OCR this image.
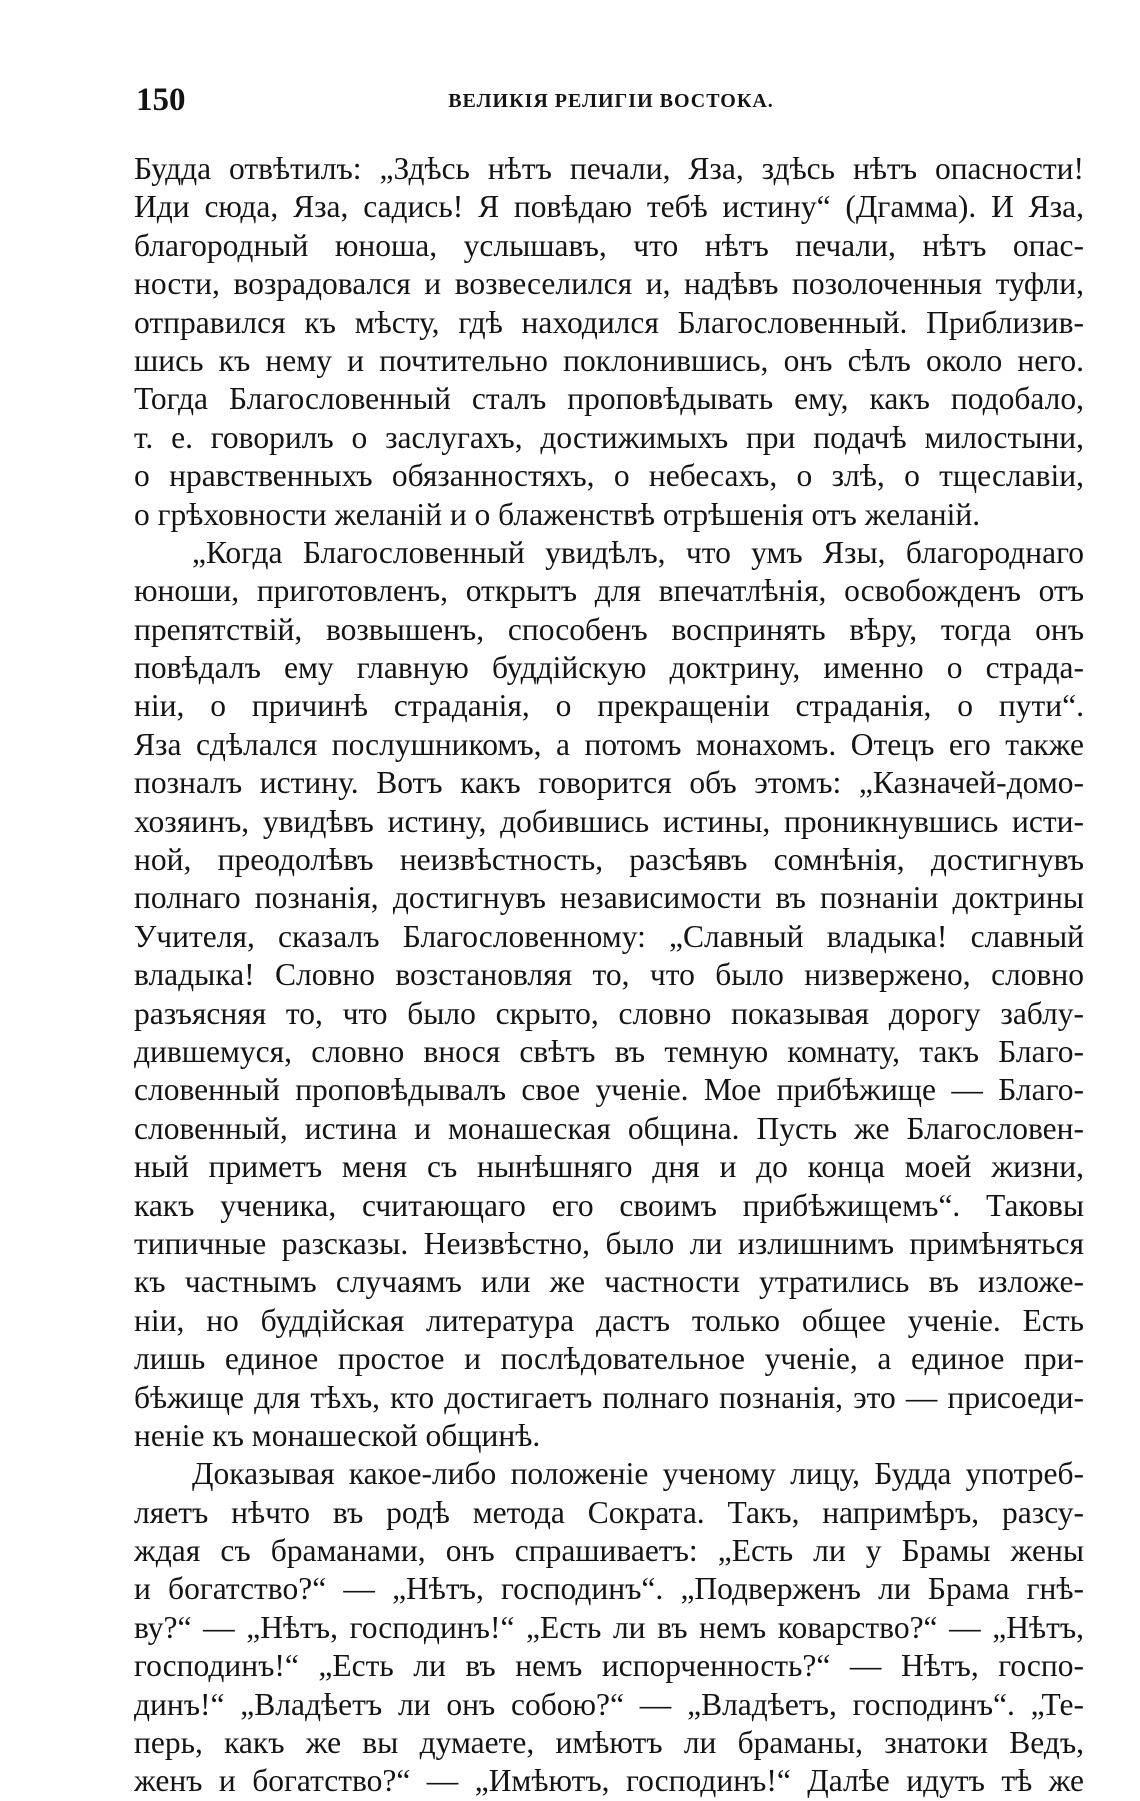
150	ВЕЛИКІЯ РЕЛИГІИ ВОСТОКА.
Будда отвѣтилъ: „Здѣсь нѣтъ печали, Яза, здѣсь нѣтъ опасности!
Иди сюда, Яза, садись! Я повѣдаю тебѣ истину“ (Дгамма). И Яза,
благородный юноша, услышавъ, что нѣтъ печали, нѣтъ опас-
ности, возрадовался и возвеселился и, надѣвъ позолоченныя туфли,
отправился къ мѣсту, гдѣ находился Благословенный. Приблизив-
шись къ нему и почтительно поклонившись, онъ сѣлъ около него.
Тогда Благословенный сталъ проповѣдывать ему, какъ подобало,
т. е. говорилъ о заслугахъ, достижимыхъ при подачѣ милостыни,
о нравственныхъ обязанностяхъ, о небесахъ, о злѣ, о тщеславіи,
о грѣховности желаній и о блаженствѣ отрѣшенія отъ желаній.
„Когда Благословенный увидѣлъ, что умъ Язы, благороднаго
юноши, приготовленъ, открытъ для впечатлѣнія, освобожденъ отъ
препятствій, возвышенъ, способенъ воспринять вѣру, тогда онъ
повѣдалъ ему главную буддійскую доктрину, именно о страда-
ніи, о причинѣ страданія, о прекращеніи страданія, о пути“.
Яза сдѣлался послушникомъ, а потомъ монахомъ. Отецъ его также
позналъ истину. Вотъ какъ говорится объ этомъ: „Казначей-домо-
хозяинъ, увидѣвъ истину, добившись истины, проникнувшись исти-
ной, преодолѣвъ неизвѣстность, разсѣявъ сомнѣнія, достигнувъ
полнаго познанія, достигнувъ независимости въ познаніи доктрины
Учителя, сказалъ Благословенному: „Славный владыка! славный
владыка! Словно возстановляя то, что было низвержено, словно
разъясняя то, что было скрыто, словно показывая дорогу заблу-
дившемуся, словно внося свѣтъ въ темную комнату, такъ Благо-
словенный проповѣдывалъ свое ученіе. Мое прибѣжище — Благо-
словенный, истина и монашеская община. Пусть же Благословен-
ный приметъ меня съ нынѣшняго дня и до конца моей жизни,
какъ ученика, считающаго его своимъ прибѣжищемъ“. Таковы
типичные разсказы. Неизвѣстно, было ли излишнимъ примѣняться
къ частнымъ случаямъ или же частности утратились въ изложе-
ніи, но буддійская литература дастъ только общее ученіе. Есть
лишь единое простое и послѣдовательное ученіе, а единое при-
бѣжище для тѣхъ, кто достигаетъ полнаго познанія, это — присоеди-
неніе къ монашеской общинѣ.
Доказывая какое-либо положеніе ученому лицу, Будда употреб-
ляетъ нѣчто въ родѣ метода Сократа. Такъ, напримѣръ, разсу-
ждая съ браманами, онъ спрашиваетъ: „Есть ли у Брамы жены
и богатство?“ — „Нѣтъ, господинъ“. „Подверженъ ли Брама гнѣ-
ву?“ — „Нѣтъ, господинъ!“ „Есть ли въ немъ коварство?“ — „Нѣтъ,
господинъ!“ „Есть ли въ немъ испорченность?“ — Нѣтъ, госпо-
динъ!“ „Владѣетъ ли онъ собою?“ — „Владѣетъ, господинъ“. „Те-
перь, какъ же вы думаете, имѣютъ ли браманы, знатоки Ведъ,
женъ и богатство?“ — „Имѣютъ, господинъ!“ Далѣе идутъ тѣ же
